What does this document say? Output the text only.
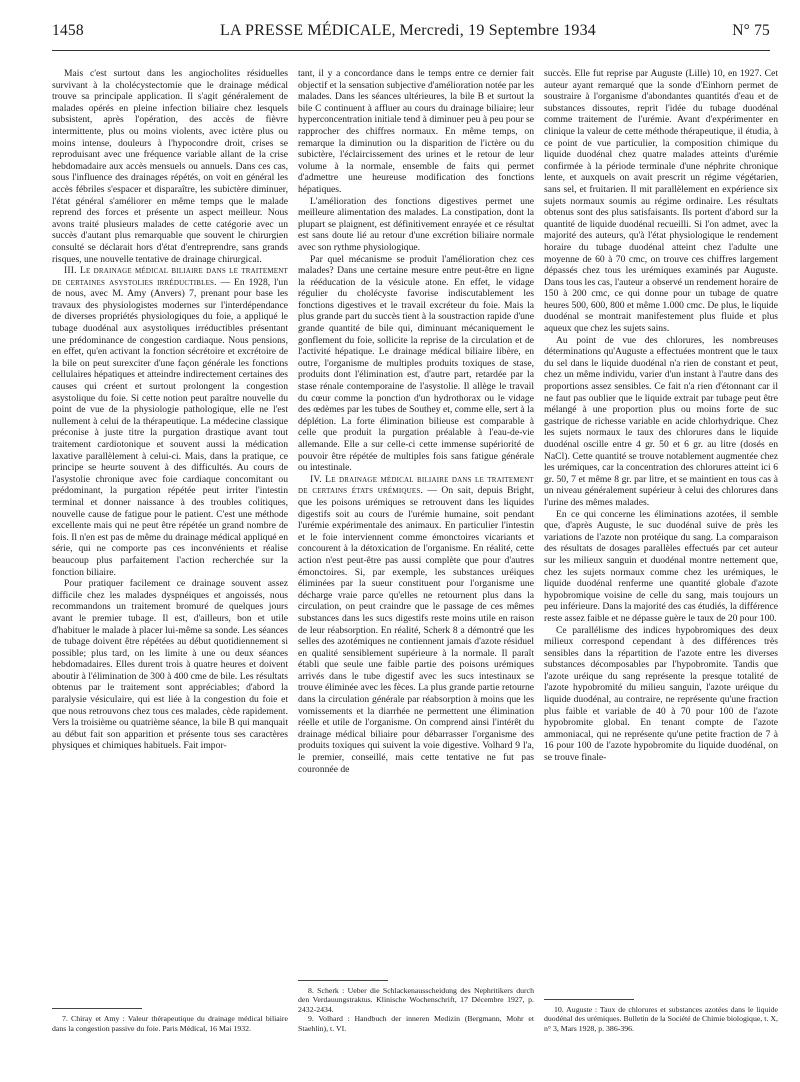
1458	LA PRESSE MÉDICALE, Mercredi, 19 Septembre 1934	N° 75

Mais c'est surtout dans les angiocholites résiduelles survivant à la cholécystectomie que le drainage médical trouve sa principale application. Il s'agit généralement de malades opérés en pleine infection biliaire chez lesquels subsistent, après l'opération, des accès de fièvre intermittente, plus ou moins violents, avec ictère plus ou moins intense, douleurs à l'hypocondre droit, crises se reproduisant avec une fréquence variable allant de la crise hebdomadaire aux accès mensuels ou annuels. Dans ces cas, sous l'influence des drainages répétés, on voit en général les accès fébriles s'espacer et disparaître, les subictère diminuer, l'état général s'améliorer en même temps que le malade reprend des forces et présente un aspect meilleur. Nous avons traité plusieurs malades de cette catégorie avec un succès d'autant plus remarquable que souvent le chirurgien consulté se déclarait hors d'état d'entreprendre, sans grands risques, une nouvelle tentative de drainage chirurgical.

III. Le drainage médical biliaire dans le traitement de certaines asystolies irréductibles. — En 1928, l'un de nous, avec M. Amy (Anvers) 7, prenant pour base les travaux des physiologistes modernes sur l'interdépendance de diverses propriétés physiologiques du foie, a appliqué le tubage duodénal aux asystoliques irréductibles présentant une prédominance de congestion cardiaque. Nous pensions, en effet, qu'en activant la fonction sécrétoire et excrétoire de la bile on peut surexciter d'une façon générale les fonctions cellulaires hépatiques et atteindre indirectement certaines des causes qui créent et surtout prolongent la congestion asystolique du foie. Si cette notion peut paraître nouvelle du point de vue de la physiologie pathologique, elle ne l'est nullement à celui de la thérapeutique. La médecine classique préconise à juste titre la purgation drastique avant tout traitement cardiotonique et souvent aussi la médication laxative parallèlement à celui-ci. Mais, dans la pratique, ce principe se heurte souvent à des difficultés. Au cours de l'asystolie chronique avec foie cardiaque concomitant ou prédominant, la purgation répétée peut irriter l'intestin terminal et donner naissance à des troubles colitiques, nouvelle cause de fatigue pour le patient. C'est une méthode excellente mais qui ne peut être répétée un grand nombre de fois. Il n'en est pas de même du drainage médical appliqué en série, qui ne comporte pas ces inconvénients et réalise beaucoup plus parfaitement l'action recherchée sur la fonction biliaire.

Pour pratiquer facilement ce drainage souvent assez difficile chez les malades dyspnéiques et angoissés, nous recommandons un traitement bromuré de quelques jours avant le premier tubage. Il est, d'ailleurs, bon et utile d'habituer le malade à placer lui-même sa sonde. Les séances de tubage doivent être répétées au début quotidiennement si possible; plus tard, on les limite à une ou deux séances hebdomadaires. Elles durent trois à quatre heures et doivent aboutir à l'élimination de 300 à 400 cme de bile. Les résultats obtenus par le traitement sont appréciables; d'abord la paralysie vésiculaire, qui est liée à la congestion du foie et que nous retrouvons chez tous ces malades, cède rapidement. Vers la troisième ou quatrième séance, la bile B qui manquait au début fait son apparition et présente tous ses caractères physiques et chimiques habituels. Fait impor-

7. Chiray et Amy : Valeur thérapeutique du drainage médical biliaire dans la congestion passive du foie. Paris Médical, 16 Mai 1932.

tant, il y a concordance dans le temps entre ce dernier fait objectif et la sensation subjective d'amélioration notée par les malades. Dans les séances ultérieures, la bile B et surtout la bile C continuent à affluer au cours du drainage biliaire; leur hyperconcentration initiale tend à diminuer peu à peu pour se rapprocher des chiffres normaux. En même temps, on remarque la diminution ou la disparition de l'ictère ou du subictère, l'éclaircissement des urines et le retour de leur volume à la normale, ensemble de faits qui permet d'admettre une heureuse modification des fonctions hépatiques.

L'amélioration des fonctions digestives permet une meilleure alimentation des malades. La constipation, dont la plupart se plaignent, est définitivement enrayée et ce résultat est sans doute lié au retour d'une excrétion biliaire normale avec son rythme physiologique.

Par quel mécanisme se produit l'amélioration chez ces malades? Dans une certaine mesure entre peut-être en ligne la rééducation de la vésicule atone. En effet, le vidage régulier du cholécyste favorise indiscutablement les fonctions digestives et le travail excréteur du foie. Mais la plus grande part du succès tient à la soustraction rapide d'une grande quantité de bile qui, diminuant mécaniquement le gonflement du foie, sollicite la reprise de la circulation et de l'activité hépatique. Le drainage médical biliaire libère, en outre, l'organisme de multiples produits toxiques de stase, produits dont l'élimination est, d'autre part, retardée par la stase rénale contemporaine de l'asystolie. Il allège le travail du cœur comme la ponction d'un hydrothorax ou le vidage des œdèmes par les tubes de Southey et, comme elle, sert à la déplétion. La forte élimination bilieuse est comparable à celle que produit la purgation préalable à l'eau-de-vie allemande. Elle a sur celle-ci cette immense supériorité de pouvoir être répétée de multiples fois sans fatigue générale ou intestinale.

IV. Le drainage médical biliaire dans le traitement de certains états urémiques. — On sait, depuis Bright, que les poisons urémiques se retrouvent dans les liquides digestifs soit au cours de l'urémie humaine, soit pendant l'urémie expérimentale des animaux. En particulier l'intestin et le foie interviennent comme émonctoires vicariants et concourent à la détoxication de l'organisme. En réalité, cette action n'est peut-être pas aussi complète que pour d'autres émonctoires. Si, par exemple, les substances uréiques éliminées par la sueur constituent pour l'organisme une décharge vraie parce qu'elles ne retournent plus dans la circulation, on peut craindre que le passage de ces mêmes substances dans les sucs digestifs reste moins utile en raison de leur réabsorption. En réalité, Scherk 8 a démontré que les selles des azotémiques ne contiennent jamais d'azote résiduel en qualité sensiblement supérieure à la normale. Il paraît établi que seule une faible partie des poisons urémiques arrivés dans le tube digestif avec les sucs intestinaux se trouve éliminée avec les fèces. La plus grande partie retourne dans la circulation générale par réabsorption à moins que les vomissements et la diarrhée ne permettent une élimination réelle et utile de l'organisme. On comprend ainsi l'intérêt du drainage médical biliaire pour débarrasser l'organisme des produits toxiques qui suivent la voie digestive. Volhard 9 l'a, le premier, conseillé, mais cette tentative ne fut pas couronnée de

8. Scherk : Ueber die Schlackenausscheidung des Nephritikers durch den Verdauungstraktus. Klinische Wochenschrift, 17 Décembre 1927, p. 2432-2434.

9. Volhard : Handbuch der inneren Medizin (Bergmann, Mohr et Staehlin), t. VI.

succès. Elle fut reprise par Auguste (Lille) 10, en 1927. Cet auteur ayant remarqué que la sonde d'Einhorn permet de soustraire à l'organisme d'abondantes quantités d'eau et de substances dissoutes, reprit l'idée du tubage duodénal comme traitement de l'urémie. Avant d'expérimenter en clinique la valeur de cette méthode thérapeutique, il étudia, à ce point de vue particulier, la composition chimique du liquide duodénal chez quatre malades atteints d'urémie confirmée à la période terminale d'une néphrite chronique lente, et auxquels on avait prescrit un régime végétarien, sans sel, et fruitarien. Il mit parallèlement en expérience six sujets normaux soumis au régime ordinaire. Les résultats obtenus sont des plus satisfaisants. Ils portent d'abord sur la quantité de liquide duodénal recueilli. Si l'on admet, avec la majorité des auteurs, qu'à l'état physiologique le rendement horaire du tubage duodénal atteint chez l'adulte une moyenne de 60 à 70 cmc, on trouve ces chiffres largement dépassés chez tous les urémiques examinés par Auguste. Dans tous les cas, l'auteur a observé un rendement horaire de 150 à 200 cmc, ce qui donne pour un tubage de quatre heures 500, 600, 800 et même 1.000 cmc. De plus, le liquide duodénal se montrait manifestement plus fluide et plus aqueux que chez les sujets sains.

Au point de vue des chlorures, les nombreuses déterminations qu'Auguste a effectuées montrent que le taux du sel dans le liquide duodénal n'a rien de constant et peut, chez un même individu, varier d'un instant à l'autre dans des proportions assez sensibles. Ce fait n'a rien d'étonnant car il ne faut pas oublier que le liquide extrait par tubage peut être mélangé à une proportion plus ou moins forte de suc gastrique de richesse variable en acide chlorhydrique. Chez les sujets normaux le taux des chlorures dans le liquide duodénal oscille entre 4 gr. 50 et 6 gr. au litre (dosés en NaCl). Cette quantité se trouve notablement augmentée chez les urémiques, car la concentration des chlorures atteint ici 6 gr. 50, 7 et même 8 gr. par litre, et se maintient en tous cas à un niveau généralement supérieur à celui des chlorures dans l'urine des mêmes malades.

En ce qui concerne les éliminations azotées, il semble que, d'après Auguste, le suc duodénal suive de près les variations de l'azote non protéique du sang. La comparaison des résultats de dosages parallèles effectués par cet auteur sur les milieux sanguin et duodénal montre nettement que, chez les sujets normaux comme chez les urémiques, le liquide duodénal renferme une quantité globale d'azote hypobromique voisine de celle du sang, mais toujours un peu inférieure. Dans la majorité des cas étudiés, la différence reste assez faible et ne dépasse guère le taux de 20 pour 100.

Ce parallélisme des indices hypobromiques des deux milieux correspond cependant à des différences très sensibles dans la répartition de l'azote entre les diverses substances décomposables par l'hypobromite. Tandis que l'azote uréique du sang représente la presque totalité de l'azote hypobromité du milieu sanguin, l'azote uréique du liquide duodénal, au contraire, ne représente qu'une fraction plus faible et variable de 40 à 70 pour 100 de l'azote hypobromite global. En tenant compte de l'azote ammoniacal, qui ne représente qu'une petite fraction de 7 à 16 pour 100 de l'azote hypobromite du liquide duodénal, on se trouve finale-

10. Auguste : Taux de chlorures et substances azotées dans le liquide duodénal des urémiques. Bulletin de la Société de Chimie biologique, t. X, n° 3, Mars 1928, p. 386-396.
